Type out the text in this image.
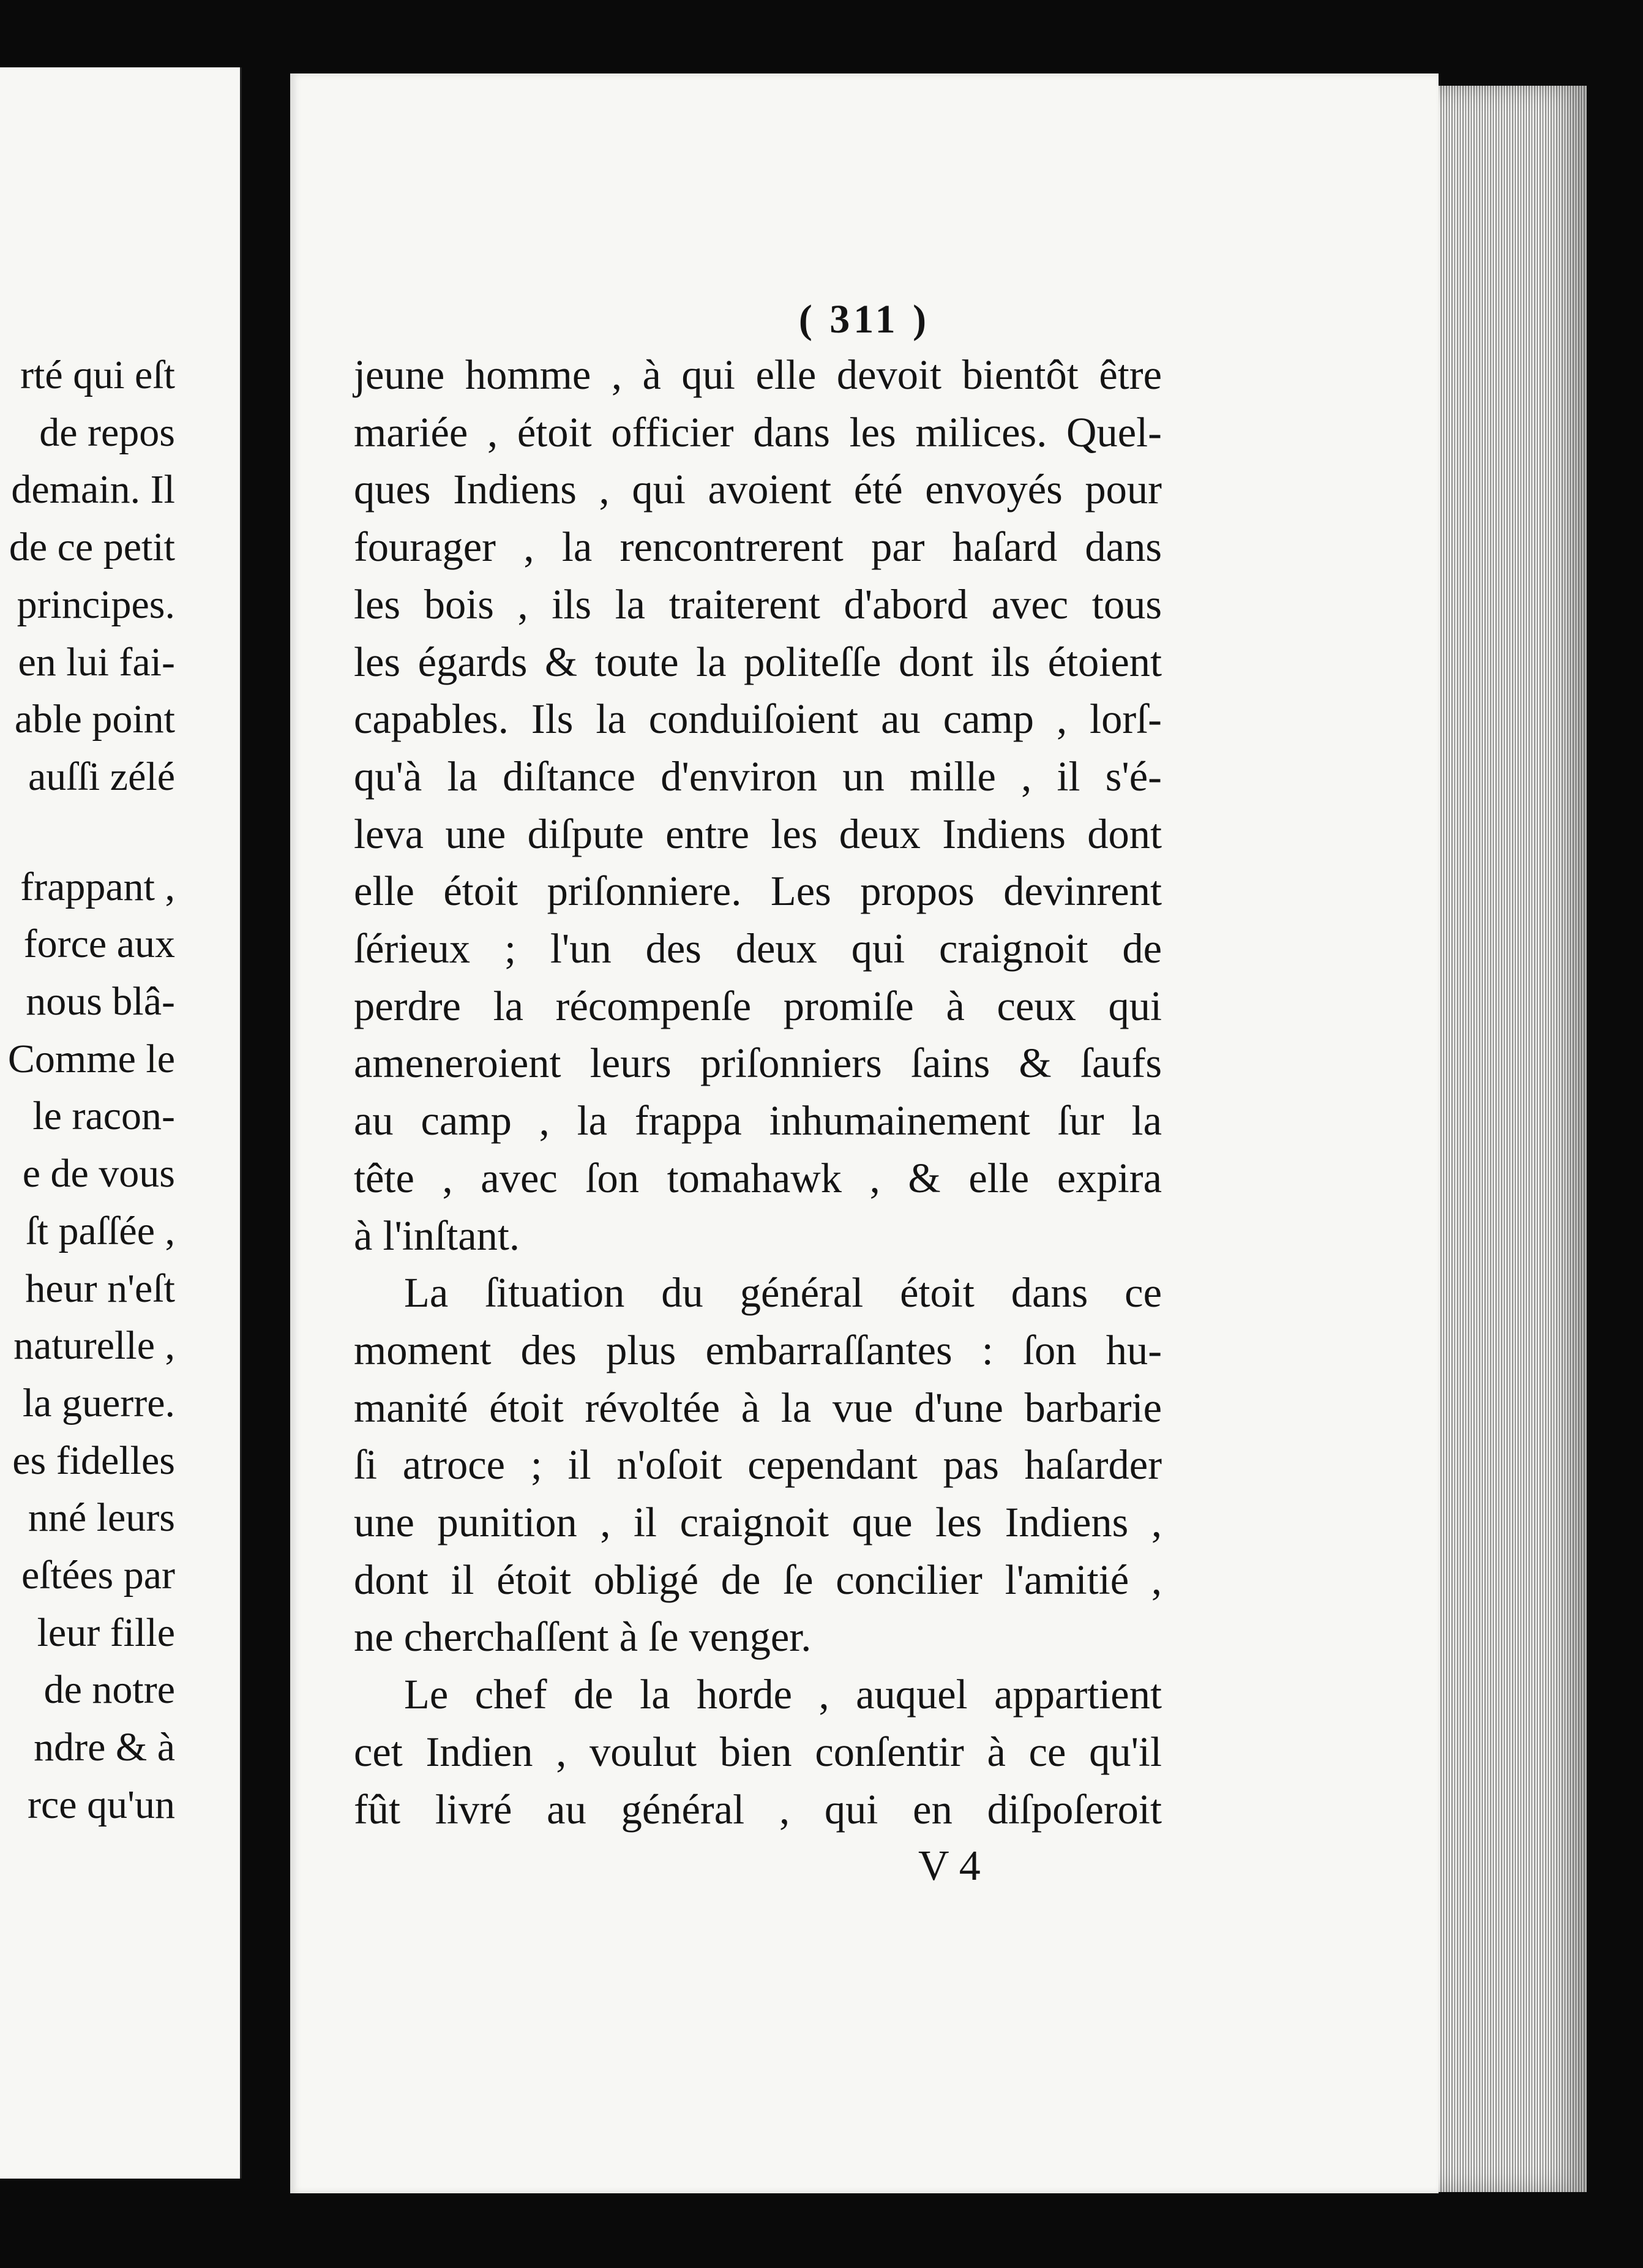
rté qui eſt
de repos
demain. Il
de ce petit
principes.
en lui fai-
able point
auſſi zélé
frappant ,
force aux
nous blâ-
Comme le
le racon-
e de vous
ſt paſſée ,
heur n'eſt
naturelle ,
la guerre.
es fidelles
nné leurs
eſtées par
leur fille
de notre
ndre & à
rce qu'un
( 311 )
jeune homme , à qui elle devoit bientôt être
mariée , étoit officier dans les milices. Quel-
ques Indiens , qui avoient été envoyés pour
fourager , la rencontrerent par haſard dans
les bois , ils la traiterent d'abord avec tous
les égards & toute la politeſſe dont ils étoient
capables. Ils la conduiſoient au camp , lorſ-
qu'à la diſtance d'environ un mille , il s'é-
leva une diſpute entre les deux Indiens dont
elle étoit priſonniere. Les propos devinrent
ſérieux ; l'un des deux qui craignoit de
perdre la récompenſe promiſe à ceux qui
ameneroient leurs priſonniers ſains & ſaufs
au camp , la frappa inhumainement ſur la
tête , avec ſon tomahawk , & elle expira
à l'inſtant.
La ſituation du général étoit dans ce
moment des plus embarraſſantes : ſon hu-
manité étoit révoltée à la vue d'une barbarie
ſi atroce ; il n'oſoit cependant pas haſarder
une punition , il craignoit que les Indiens ,
dont il étoit obligé de ſe concilier l'amitié ,
ne cherchaſſent à ſe venger.
Le chef de la horde , auquel appartient
cet Indien , voulut bien conſentir à ce qu'il
fût livré au général , qui en diſpoſeroit
V 4
